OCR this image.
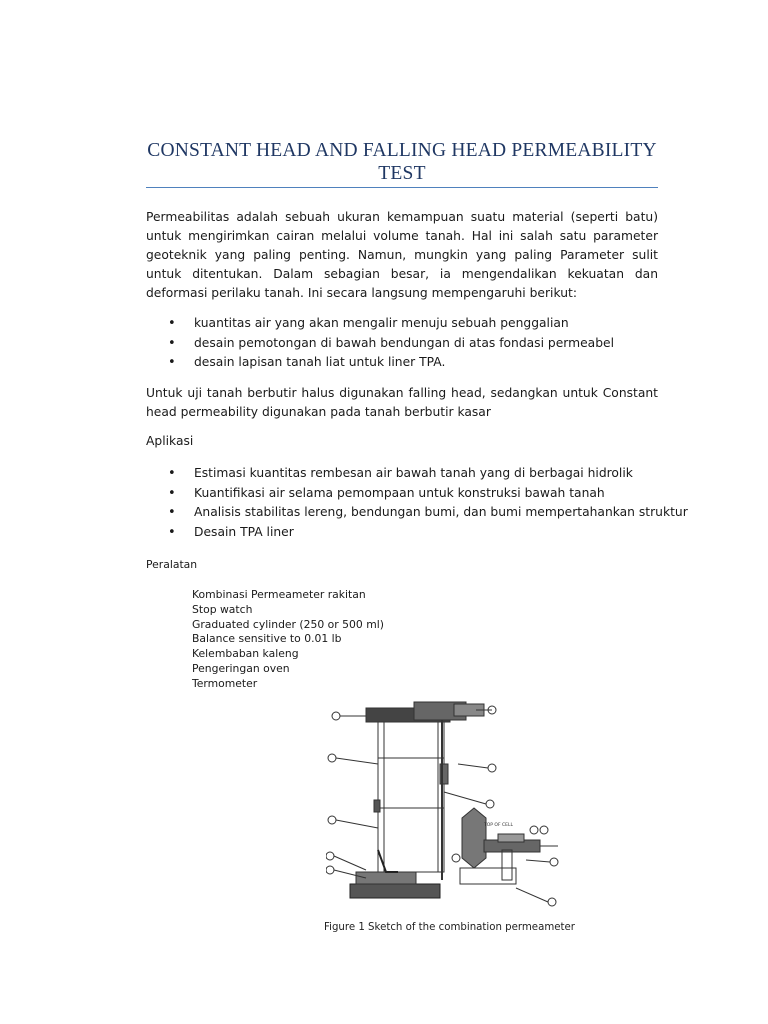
CONSTANT HEAD AND FALLING HEAD PERMEABILITY TEST

Permeabilitas adalah sebuah ukuran kemampuan suatu material (seperti batu) untuk mengirimkan cairan melalui volume tanah. Hal ini salah satu parameter geoteknik yang paling penting. Namun, mungkin yang paling Parameter sulit untuk ditentukan. Dalam sebagian besar, ia mengendalikan kekuatan dan deformasi perilaku tanah. Ini secara langsung mempengaruhi berikut:

• kuantitas air yang akan mengalir menuju sebuah penggalian
• desain pemotongan di bawah bendungan di atas fondasi permeabel
• desain lapisan tanah liat untuk liner TPA.

Untuk uji tanah berbutir halus digunakan falling head, sedangkan untuk Constant head permeability digunakan pada tanah berbutir kasar

Aplikasi
• Estimasi kuantitas rembesan air bawah tanah yang di berbagai hidrolik
• Kuantifikasi air selama pemompaan untuk konstruksi bawah tanah
• Analisis stabilitas lereng, bendungan bumi, dan bumi mempertahankan struktur
• Desain TPA liner
Peralatan
Kombinasi Permeameter rakitan
Stop watch
Graduated cylinder (250 or 500 ml)
Balance sensitive to 0.01 lb
Kelembaban kaleng
Pengeringan oven
Termometer
TOP OF CELL
Figure 1 Sketch of the combination permeameter
